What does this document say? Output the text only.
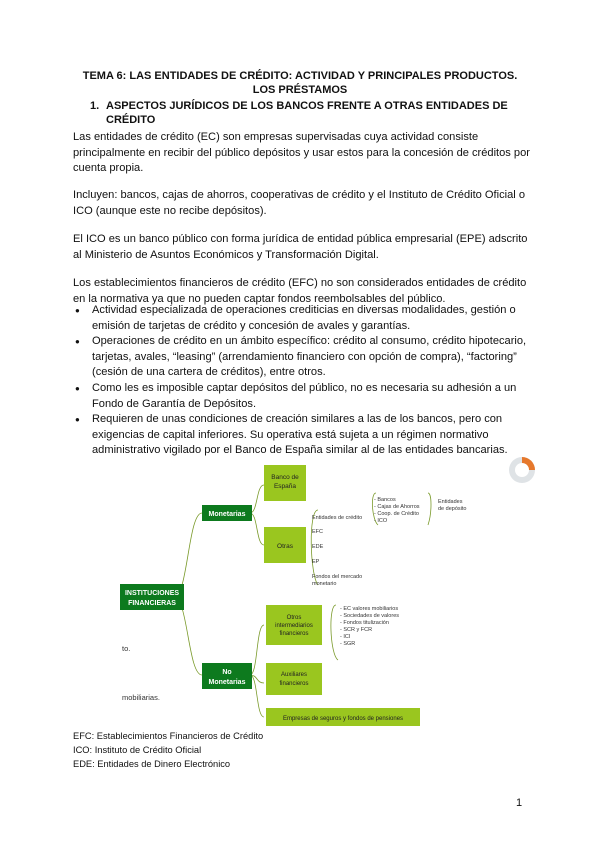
TEMA 6: LAS ENTIDADES DE CRÉDITO: ACTIVIDAD Y PRINCIPALES PRODUCTOS.
LOS PRÉSTAMOS
1. ASPECTOS JURÍDICOS DE LOS BANCOS FRENTE A OTRAS ENTIDADES DE
CRÉDITO

Las entidades de crédito (EC) son empresas supervisadas cuya actividad consiste principalmente en recibir del público depósitos y usar estos para la concesión de créditos por cuenta propia.

Incluyen: bancos, cajas de ahorros, cooperativas de crédito y el Instituto de Crédito Oficial o ICO (aunque este no recibe depósitos).

El ICO es un banco público con forma jurídica de entidad pública empresarial (EPE) adscrito al Ministerio de Asuntos Económicos y Transformación Digital.

Los establecimientos financieros de crédito (EFC) no son considerados entidades de crédito en la normativa ya que no pueden captar fondos reembolsables del público.

● Actividad especializada de operaciones crediticias en diversas modalidades, gestión o emisión de tarjetas de crédito y concesión de avales y garantías.
● Operaciones de crédito en un ámbito específico: crédito al consumo, crédito hipotecario, tarjetas, avales, “leasing” (arrendamiento financiero con opción de compra), “factoring” (cesión de una cartera de créditos), entre otros.
● Como les es imposible captar depósitos del público, no es necesaria su adhesión a un Fondo de Garantía de Depósitos.
● Requieren de unas condiciones de creación similares a las de los bancos, pero con exigencias de capital inferiores. Su operativa está sujeta a un régimen normativo administrativo vigilado por el Banco de España similar al de las entidades bancarias.
INSTITUCIONES
FINANCIERAS
Monetarias
No
Monetarias
Banco de
España
Otras
Entidades de crédito
- Bancos
- Cajas de Ahorros
- Coop. de Crédito
- ICO
Entidades
de depósito
EFC
EDE
EP
Fondos del mercado
monetario
Otros
intermediarios
financieros
- EC valores mobiliarios
- Sociedades de valores
- Fondos titulización
- SCR y FCR
- ICI
- SGR
Auxiliares
financieros
Empresas de seguros y fondos de pensiones
to.
mobiliarias.
EFC: Establecimientos Financieros de Crédito
ICO: Instituto de Crédito Oficial
EDE: Entidades de Dinero Electrónico
1
